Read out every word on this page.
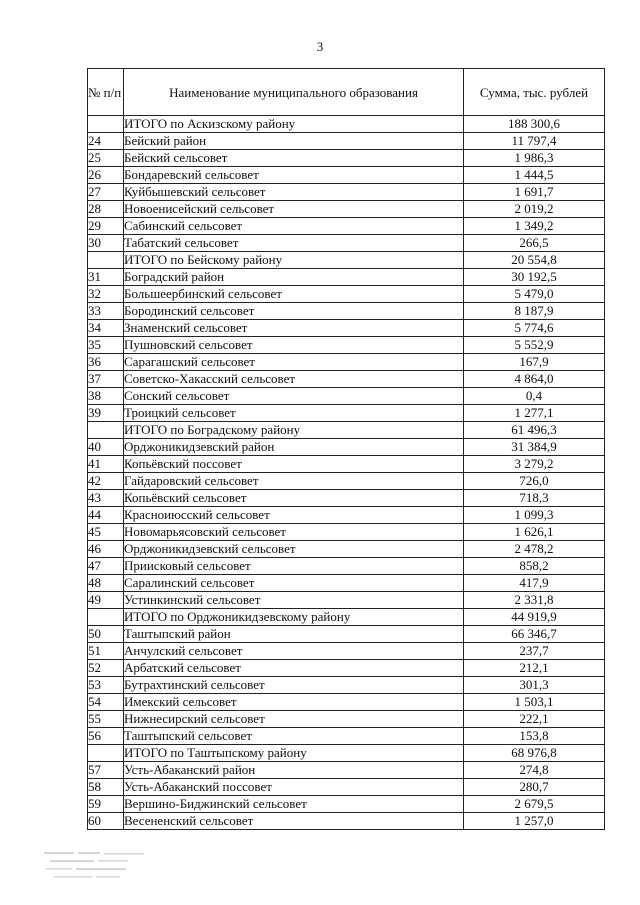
3
№ п/п	Наименование муниципального образования	Сумма, тыс. рублей
	ИТОГО по Аскизскому району	188 300,6
24	Бейский район	11 797,4
25	Бейский сельсовет	1 986,3
26	Бондаревский сельсовет	1 444,5
27	Куйбышевский сельсовет	1 691,7
28	Новоенисейский сельсовет	2 019,2
29	Сабинский сельсовет	1 349,2
30	Табатский сельсовет	266,5
	ИТОГО по Бейскому району	20 554,8
31	Боградский район	30 192,5
32	Большеербинский сельсовет	5 479,0
33	Бородинский сельсовет	8 187,9
34	Знаменский сельсовет	5 774,6
35	Пушновский сельсовет	5 552,9
36	Сарагашский сельсовет	167,9
37	Советско-Хакасский сельсовет	4 864,0
38	Сонский сельсовет	0,4
39	Троицкий сельсовет	1 277,1
	ИТОГО по Боградскому району	61 496,3
40	Орджоникидзевский район	31 384,9
41	Копьёвский поссовет	3 279,2
42	Гайдаровский сельсовет	726,0
43	Копьёвский сельсовет	718,3
44	Красноиюсский сельсовет	1 099,3
45	Новомарьясовский сельсовет	1 626,1
46	Орджоникидзевский сельсовет	2 478,2
47	Приисковый сельсовет	858,2
48	Саралинский сельсовет	417,9
49	Устинкинский сельсовет	2 331,8
	ИТОГО по Орджоникидзевскому району	44 919,9
50	Таштыпский район	66 346,7
51	Анчулский сельсовет	237,7
52	Арбатский сельсовет	212,1
53	Бутрахтинский сельсовет	301,3
54	Имекский сельсовет	1 503,1
55	Нижнесирский сельсовет	222,1
56	Таштыпский сельсовет	153,8
	ИТОГО по Таштыпскому району	68 976,8
57	Усть-Абаканский район	274,8
58	Усть-Абаканский поссовет	280,7
59	Вершино-Биджинский сельсовет	2 679,5
60	Весененский сельсовет	1 257,0
